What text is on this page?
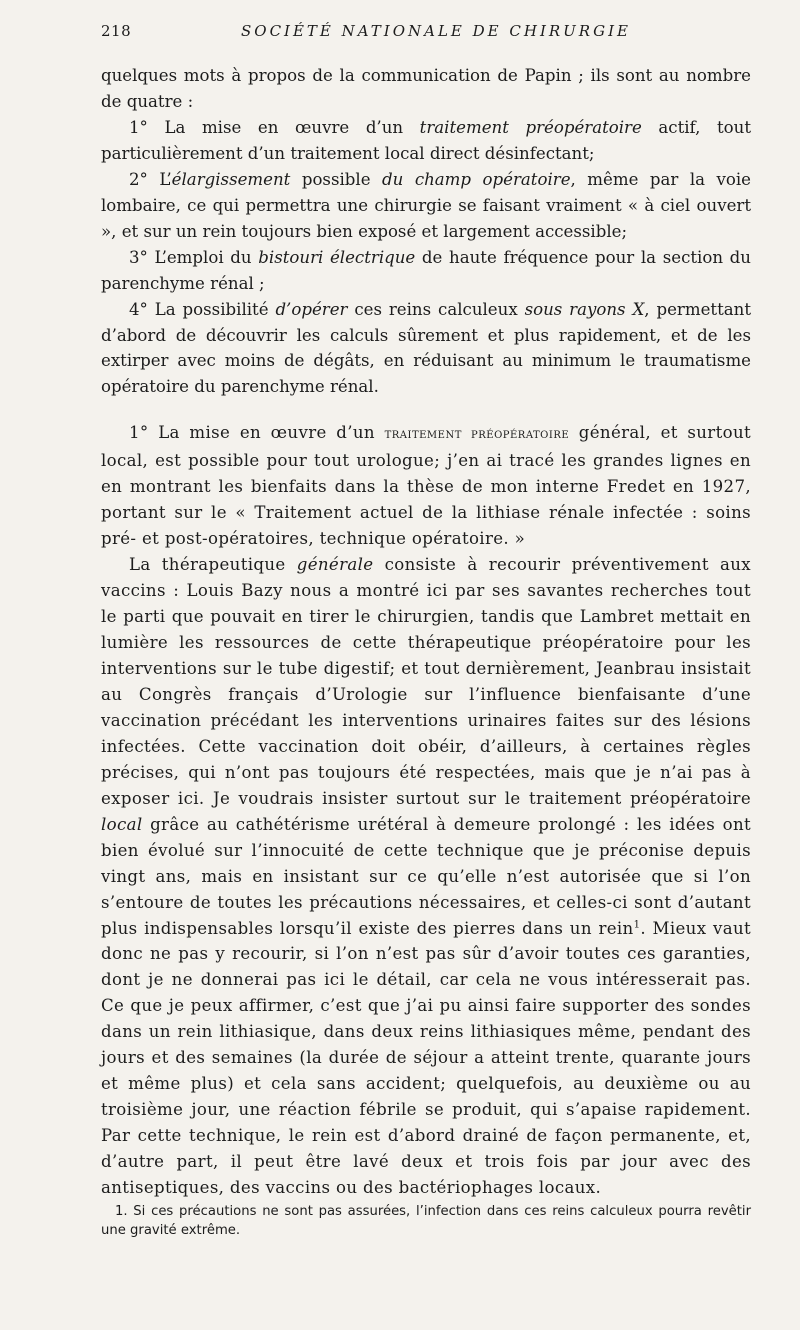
218	SOCIÉTÉ NATIONALE DE CHIRURGIE

quelques mots à propos de la communication de Papin ; ils sont au nombre de quatre :

1° La mise en œuvre d’un traitement préopératoire actif, tout particulièrement d’un traitement local direct désinfectant;

2° L’élargissement possible du champ opératoire, même par la voie lombaire, ce qui permettra une chirurgie se faisant vraiment « à ciel ouvert », et sur un rein toujours bien exposé et largement accessible;

3° L’emploi du bistouri électrique de haute fréquence pour la section du parenchyme rénal ;

4° La possibilité d’opérer ces reins calculeux sous rayons X, permettant d’abord de découvrir les calculs sûrement et plus rapidement, et de les extirper avec moins de dégâts, en réduisant au minimum le traumatisme opératoire du parenchyme rénal.

1° La mise en œuvre d’un traitement préopératoire général, et surtout local, est possible pour tout urologue; j’en ai tracé les grandes lignes en en montrant les bienfaits dans la thèse de mon interne Fredet en 1927, portant sur le « Traitement actuel de la lithiase rénale infectée : soins pré- et post-opératoires, technique opératoire. »

La thérapeutique générale consiste à recourir préventivement aux vaccins : Louis Bazy nous a montré ici par ses savantes recherches tout le parti que pouvait en tirer le chirurgien, tandis que Lambret mettait en lumière les ressources de cette thérapeutique préopératoire pour les interventions sur le tube digestif; et tout dernièrement, Jeanbrau insistait au Congrès français d’Urologie sur l’influence bienfaisante d’une vaccination précédant les interventions urinaires faites sur des lésions infectées. Cette vaccination doit obéir, d’ailleurs, à certaines règles précises, qui n’ont pas toujours été respectées, mais que je n’ai pas à exposer ici. Je voudrais insister surtout sur le traitement préopératoire local grâce au cathétérisme urétéral à demeure prolongé : les idées ont bien évolué sur l’innocuité de cette technique que je préconise depuis vingt ans, mais en insistant sur ce qu’elle n’est autorisée que si l’on s’entoure de toutes les précautions nécessaires, et celles-ci sont d’autant plus indispensables lorsqu’il existe des pierres dans un rein$^1$. Mieux vaut donc ne pas y recourir, si l’on n’est pas sûr d’avoir toutes ces garanties, dont je ne donnerai pas ici le détail, car cela ne vous intéresserait pas. Ce que je peux affirmer, c’est que j’ai pu ainsi faire supporter des sondes dans un rein lithiasique, dans deux reins lithiasiques même, pendant des jours et des semaines (la durée de séjour a atteint trente, quarante jours et même plus) et cela sans accident; quelquefois, au deuxième ou au troisième jour, une réaction fébrile se produit, qui s’apaise rapidement. Par cette technique, le rein est d’abord drainé de façon permanente, et, d’autre part, il peut être lavé deux et trois fois par jour avec des antiseptiques, des vaccins ou des bactériophages locaux.

1. Si ces précautions ne sont pas assurées, l’infection dans ces reins calculeux pourra revêtir une gravité extrême.
